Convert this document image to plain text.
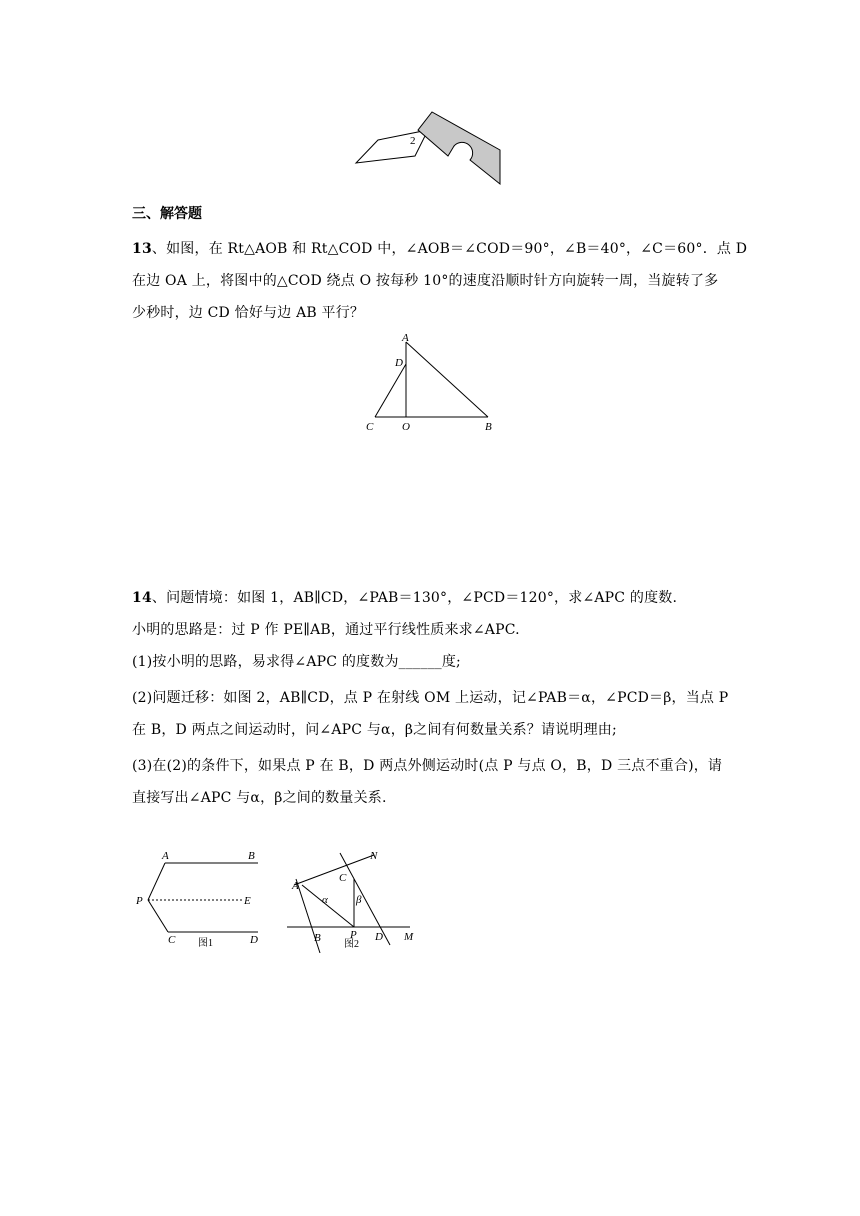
2
三、解答题
13、如图，在 Rt△AOB 和 Rt△COD 中，∠AOB＝∠COD＝90°，∠B＝40°，∠C＝60°．点 D
在边 OA 上，将图中的△COD 绕点 O 按每秒 10°的速度沿顺时针方向旋转一周，当旋转了多
少秒时，边 CD 恰好与边 AB 平行？
A
D
C	O	B
14、问题情境：如图 1，AB∥CD，∠PAB＝130°，∠PCD＝120°，求∠APC 的度数.
小明的思路是：过 P 作 PE∥AB，通过平行线性质来求∠APC.
(1)按小明的思路，易求得∠APC 的度数为______度;
(2)问题迁移：如图 2，AB∥CD，点 P 在射线 OM 上运动，记∠PAB＝α，∠PCD＝β，当点 P
在 B，D 两点之间运动时，问∠APC 与α，β之间有何数量关系？请说明理由;
(3)在(2)的条件下，如果点 P 在 B，D 两点外侧运动时(点 P 与点 O，B，D 三点不重合)，请
直接写出∠APC 与α，β之间的数量关系.
A	B
P	E
C	D
图1
N
C
A
α	β
B	P D M
图2
